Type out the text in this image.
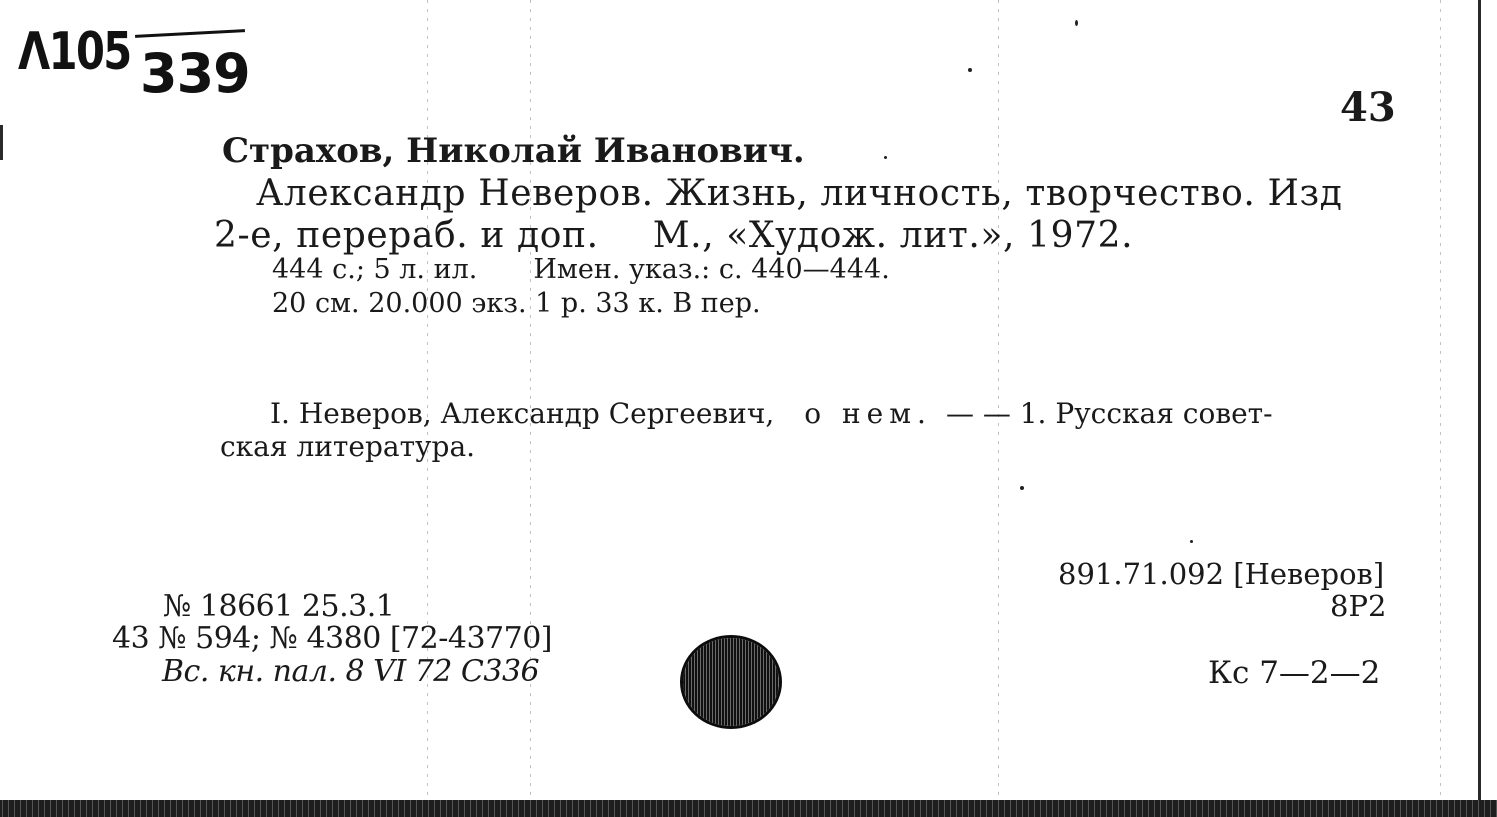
Λ105 339
43
Страхов, Николай Иванович.
Александр Неверов. Жизнь, личность, творчество. Изд
2-е, перераб. и доп. М., «Худож. лит.», 1972.
444 с.; 5 л. ил. Имен. указ.: с. 440—444.
20 см. 20.000 экз. 1 р. 33 к. В пер.
I. Неверов, Александр Сергеевич, о нем. — — 1. Русская совет-
ская литература.
891.71.092 [Неверов]
8Р2
Кс 7—2—2
№ 18661 25.3.1
43 № 594; № 4380 [72-43770]
Вс. кн. пал. 8 VI 72 С336
